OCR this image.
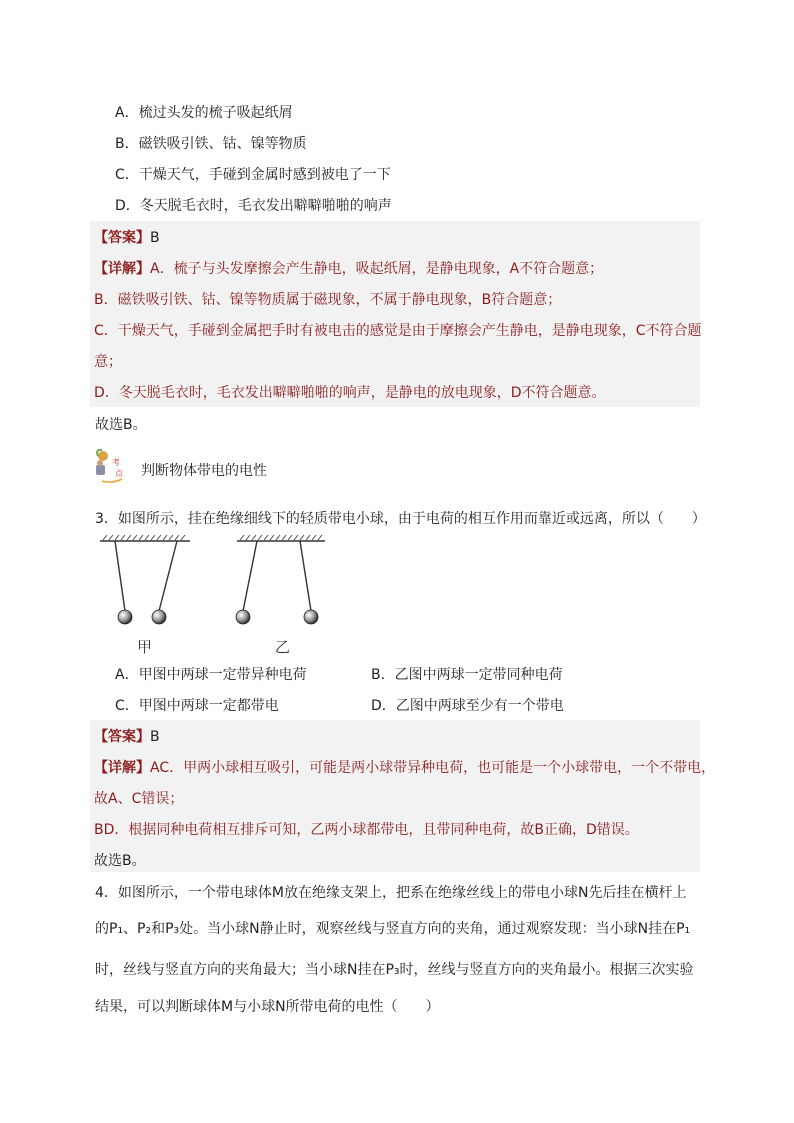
A．梳过头发的梳子吸起纸屑
B．磁铁吸引铁、钴、镍等物质
C．干燥天气，手碰到金属时感到被电了一下
D．冬天脱毛衣时，毛衣发出噼噼啪啪的响声
【答案】B
【详解】A．梳子与头发摩擦会产生静电，吸起纸屑，是静电现象，A不符合题意；
B．磁铁吸引铁、钴、镍等物质属于磁现象，不属于静电现象，B符合题意；
C．干燥天气，手碰到金属把手时有被电击的感觉是由于摩擦会产生静电，是静电现象，C不符合题
意；
D．冬天脱毛衣时，毛衣发出噼噼啪啪的响声，是静电的放电现象，D不符合题意。
故选B。
考
点 判断物体带电的电性
3．如图所示，挂在绝缘细线下的轻质带电小球，由于电荷的相互作用而靠近或远离，所以（　　）
甲	乙
A．甲图中两球一定带异种电荷	B．乙图中两球一定带同种电荷
C．甲图中两球一定都带电	D．乙图中两球至少有一个带电
【答案】B
【详解】AC．甲两小球相互吸引，可能是两小球带异种电荷，也可能是一个小球带电，一个不带电，
故A、C错误；
BD．根据同种电荷相互排斥可知，乙两小球都带电，且带同种电荷，故B正确，D错误。
故选B。
4．如图所示，一个带电球体M放在绝缘支架上，把系在绝缘丝线上的带电小球N先后挂在横杆上
的P₁、P₂和P₃处。当小球N静止时，观察丝线与竖直方向的夹角，通过观察发现：当小球N挂在P₁
时，丝线与竖直方向的夹角最大；当小球N挂在P₃时，丝线与竖直方向的夹角最小。根据三次实验
结果，可以判断球体M与小球N所带电荷的电性（　　）
